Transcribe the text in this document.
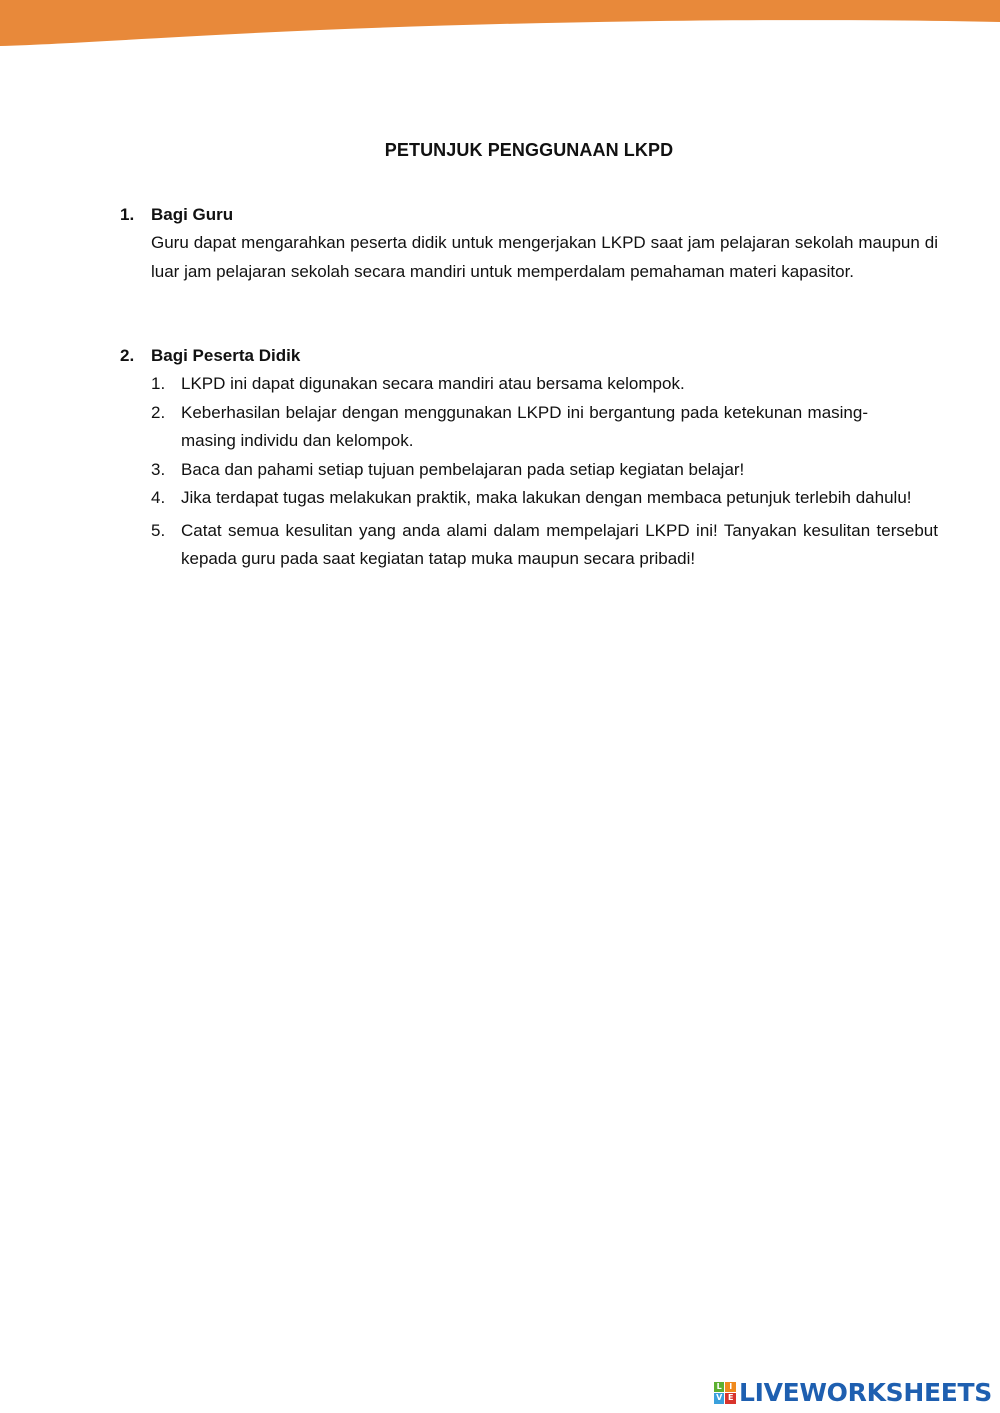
PETUNJUK PENGGUNAAN LKPD
1. Bagi Guru
Guru dapat mengarahkan peserta didik untuk mengerjakan LKPD saat jam pelajaran sekolah maupun di luar jam pelajaran sekolah secara mandiri untuk memperdalam pemahaman materi kapasitor.
2. Bagi Peserta Didik
1. LKPD ini dapat digunakan secara mandiri atau bersama kelompok.
2. Keberhasilan belajar dengan menggunakan LKPD ini bergantung pada ketekunan masing-masing individu dan kelompok.
3. Baca dan pahami setiap tujuan pembelajaran pada setiap kegiatan belajar!
4. Jika terdapat tugas melakukan praktik, maka lakukan dengan membaca petunjuk terlebih dahulu!
5. Catat semua kesulitan yang anda alami dalam mempelajari LKPD ini! Tanyakan kesulitan tersebut kepada guru pada saat kegiatan tatap muka maupun secara pribadi!
L I
V E LIVEWORKSHEETS
